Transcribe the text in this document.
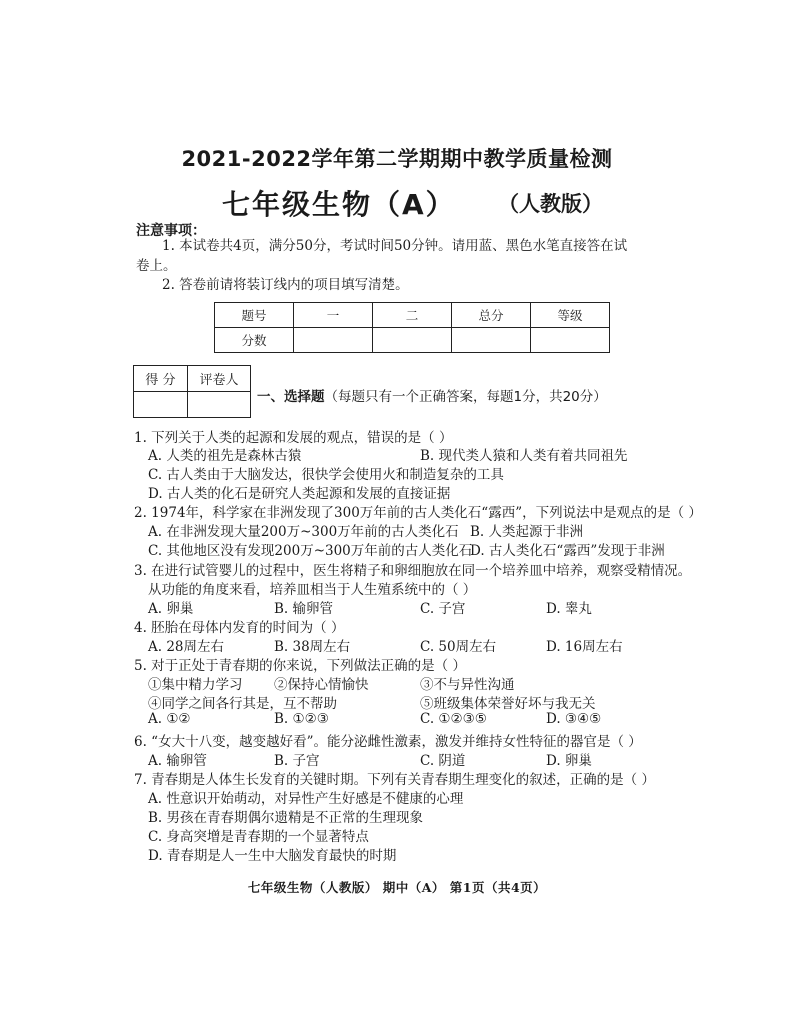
2021-2022学年第二学期期中教学质量检测
七年级生物（A） （人教版）
注意事项：
1. 本试卷共4页，满分50分，考试时间50分钟。请用蓝、黑色水笔直接答在试
卷上。
2. 答卷前请将装订线内的项目填写清楚。
题号	一	二	总分	等级
分数				
得 分	评卷人

一、选择题（每题只有一个正确答案，每题1分，共20分）
1. 下列关于人类的起源和发展的观点，错误的是（ ）
A. 人类的祖先是森林古猿	B. 现代类人猿和人类有着共同祖先
C. 古人类由于大脑发达，很快学会使用火和制造复杂的工具
D. 古人类的化石是研究人类起源和发展的直接证据
2. 1974年，科学家在非洲发现了300万年前的古人类化石“露西”，下列说法中是观点的是（ ）
A. 在非洲发现大量200万~300万年前的古人类化石 B. 人类起源于非洲
C. 其他地区没有发现200万~300万年前的古人类化石
D. 古人类化石“露西”发现于非洲
3. 在进行试管婴儿的过程中，医生将精子和卵细胞放在同一个培养皿中培养，观察受精情况。
从功能的角度来看，培养皿相当于人生殖系统中的（ ）
A. 卵巢	B. 输卵管	C. 子宫	D. 睾丸
4. 胚胎在母体内发育的时间为（ ）
A. 28周左右	B. 38周左右	C. 50周左右	D. 16周左右
5. 对于正处于青春期的你来说，下列做法正确的是（ ）
①集中精力学习 ②保持心情愉快	③不与异性沟通
④同学之间各行其是，互不帮助	⑤班级集体荣誉好坏与我无关
A. ①②	B. ①②③	C. ①②③⑤	D. ③④⑤
6. “女大十八变，越变越好看”。能分泌雌性激素，激发并维持女性特征的器官是（ ）
A. 输卵管	B. 子宫	C. 阴道	D. 卵巢
7. 青春期是人体生长发育的关键时期。下列有关青春期生理变化的叙述，正确的是（ ）
A. 性意识开始萌动，对异性产生好感是不健康的心理
B. 男孩在青春期偶尔遗精是不正常的生理现象
C. 身高突增是青春期的一个显著特点
D. 青春期是人一生中大脑发育最快的时期
七年级生物（人教版） 期中（A） 第1页（共4页）
